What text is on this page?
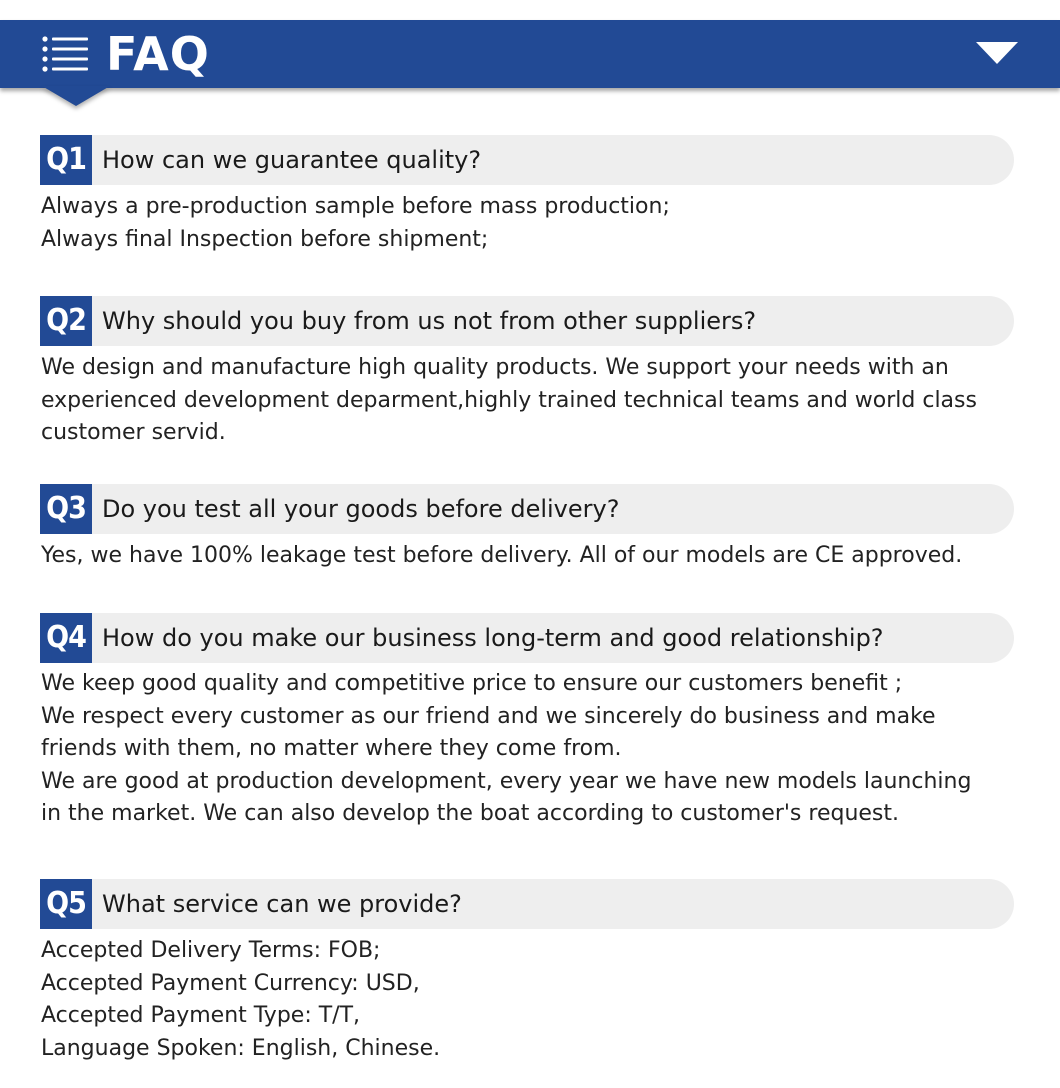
FAQ
Q1 How can we guarantee quality?
Always a pre-production sample before mass production;
Always final Inspection before shipment;
Q2 Why should you buy from us not from other suppliers?
We design and manufacture high quality products. We support your needs with an
experienced development deparment,highly trained technical teams and world class
customer servid.
Q3 Do you test all your goods before delivery?
Yes, we have 100% leakage test before delivery. All of our models are CE approved.
Q4 How do you make our business long-term and good relationship?
We keep good quality and competitive price to ensure our customers benefit ;
We respect every customer as our friend and we sincerely do business and make
friends with them, no matter where they come from.
We are good at production development, every year we have new models launching
in the market. We can also develop the boat according to customer's request.
Q5 What service can we provide?
Accepted Delivery Terms: FOB;
Accepted Payment Currency: USD,
Accepted Payment Type: T/T,
Language Spoken: English, Chinese.
